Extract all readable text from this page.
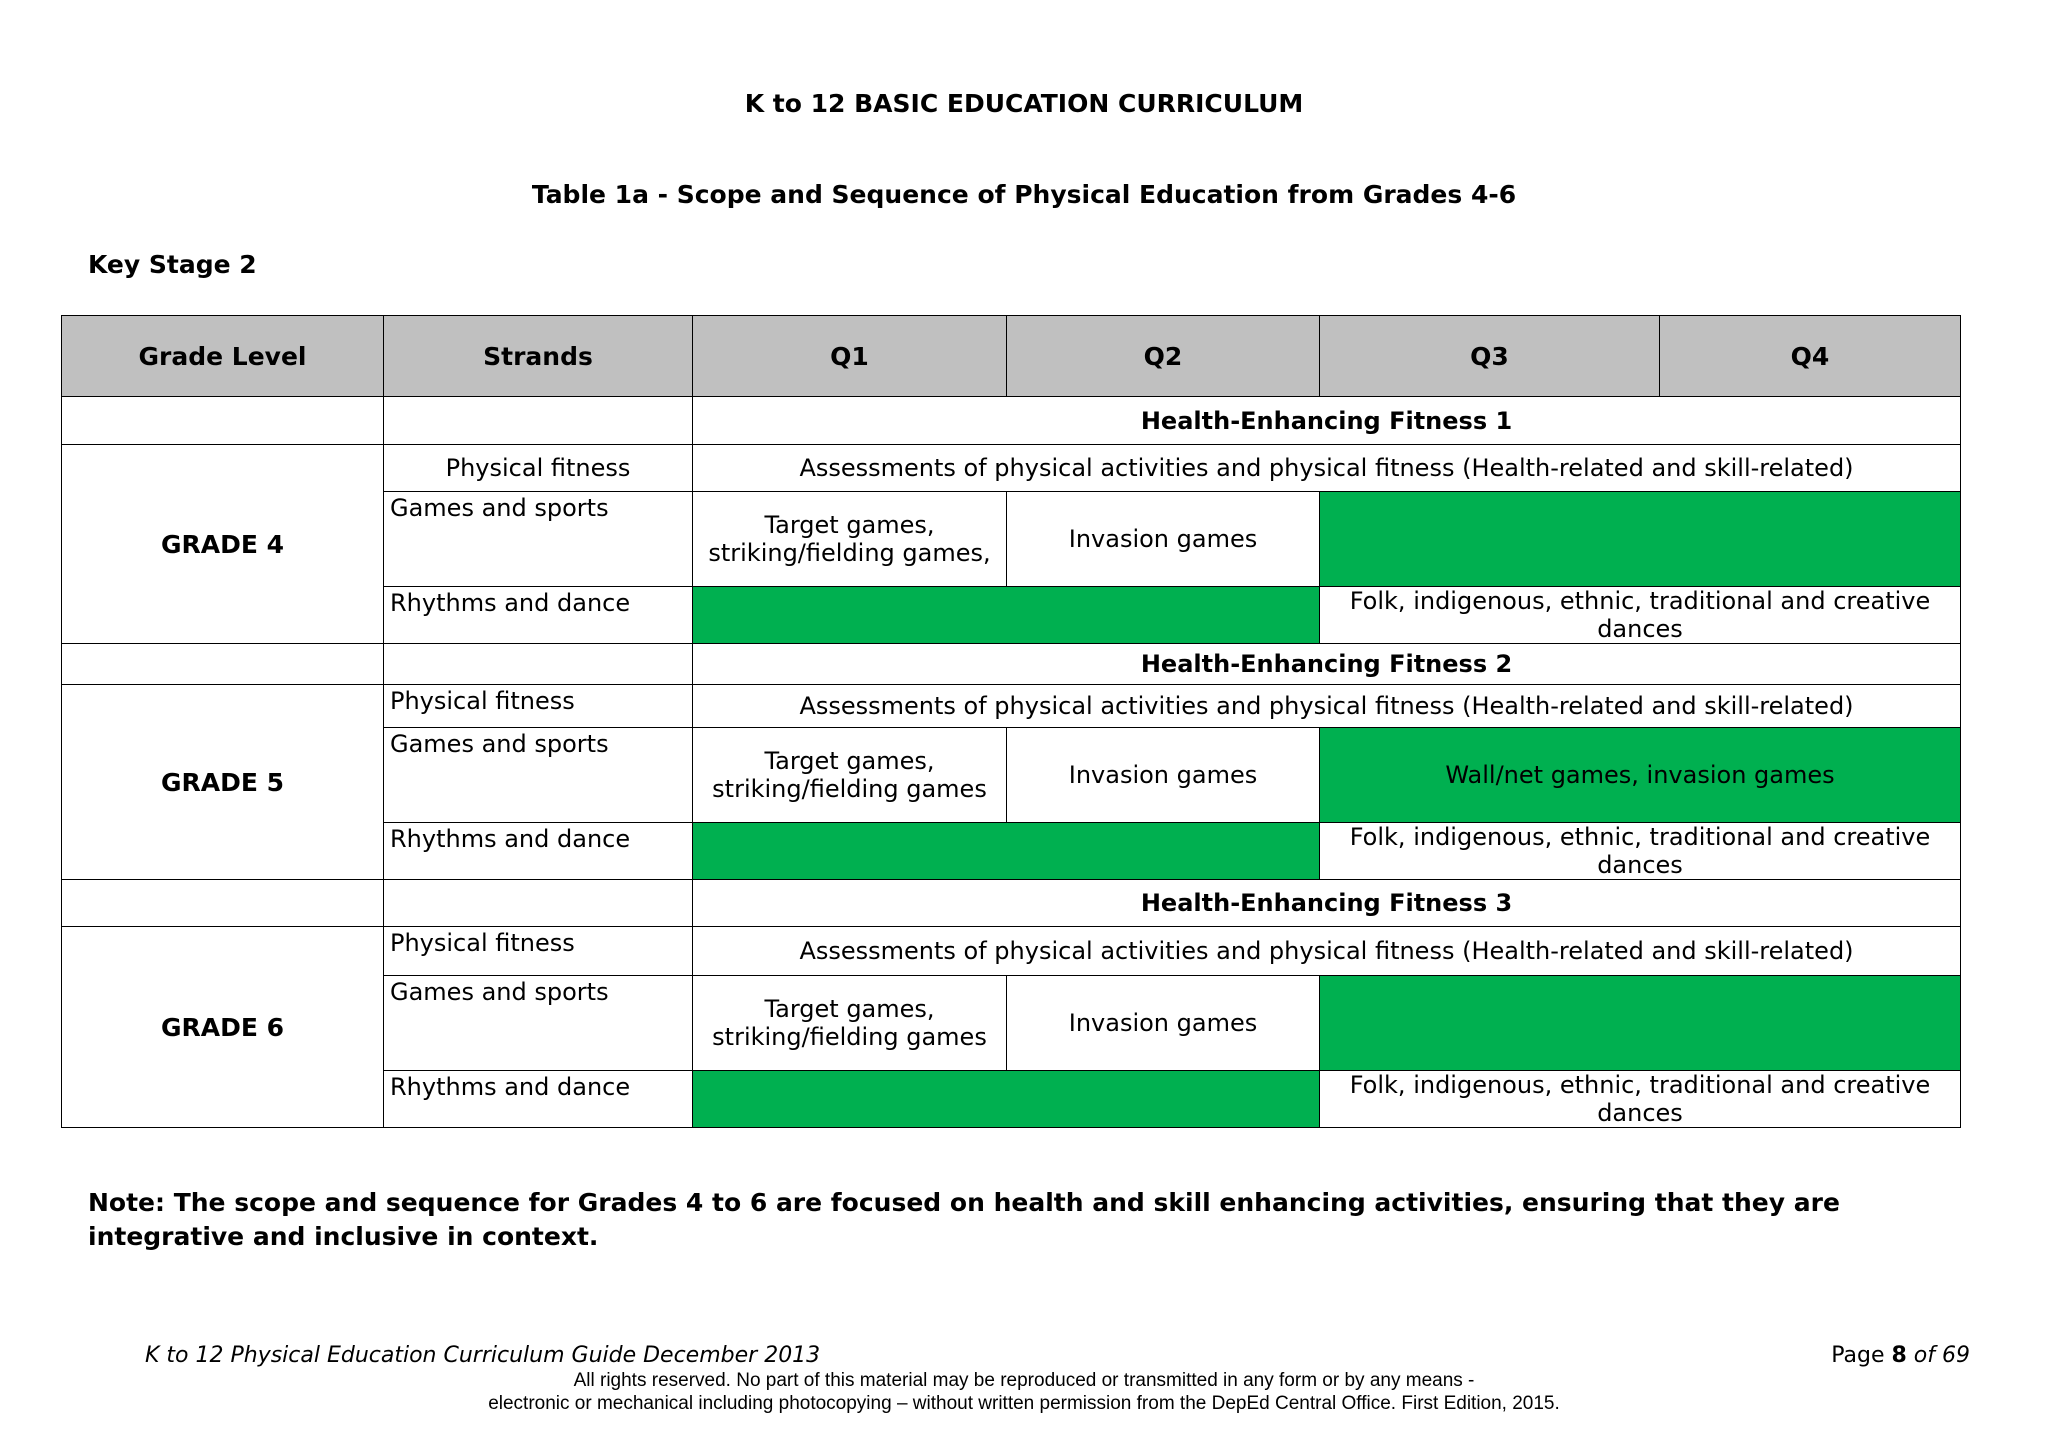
K to 12 BASIC EDUCATION CURRICULUM
Table 1a - Scope and Sequence of Physical Education from Grades 4-6
Key Stage 2
Grade Level	Strands	Q1	Q2	Q3	Q4
		Health-Enhancing Fitness 1			
GRADE 4	Physical fitness	Assessments of physical activities and physical fitness (Health-related and skill-related)			
	Games and sports	Target games, striking/fielding games,	Invasion games		
	Rhythms and dance			Folk, indigenous, ethnic, traditional and creative dances	
		Health-Enhancing Fitness 2			
GRADE 5	Physical fitness	Assessments of physical activities and physical fitness (Health-related and skill-related)			
	Games and sports	Target games, striking/fielding games	Invasion games	Wall/net games, invasion games	
	Rhythms and dance			Folk, indigenous, ethnic, traditional and creative dances	
		Health-Enhancing Fitness 3			
GRADE 6	Physical fitness	Assessments of physical activities and physical fitness (Health-related and skill-related)			
	Games and sports	Target games, striking/fielding games	Invasion games		
	Rhythms and dance			Folk, indigenous, ethnic, traditional and creative dances	
Note: The scope and sequence for Grades 4 to 6 are focused on health and skill enhancing activities, ensuring that they are integrative and inclusive in context.
K to 12 Physical Education Curriculum Guide December 2013	Page 8 of 69
All rights reserved. No part of this material may be reproduced or transmitted in any form or by any means -
electronic or mechanical including photocopying – without written permission from the DepEd Central Office. First Edition, 2015.
